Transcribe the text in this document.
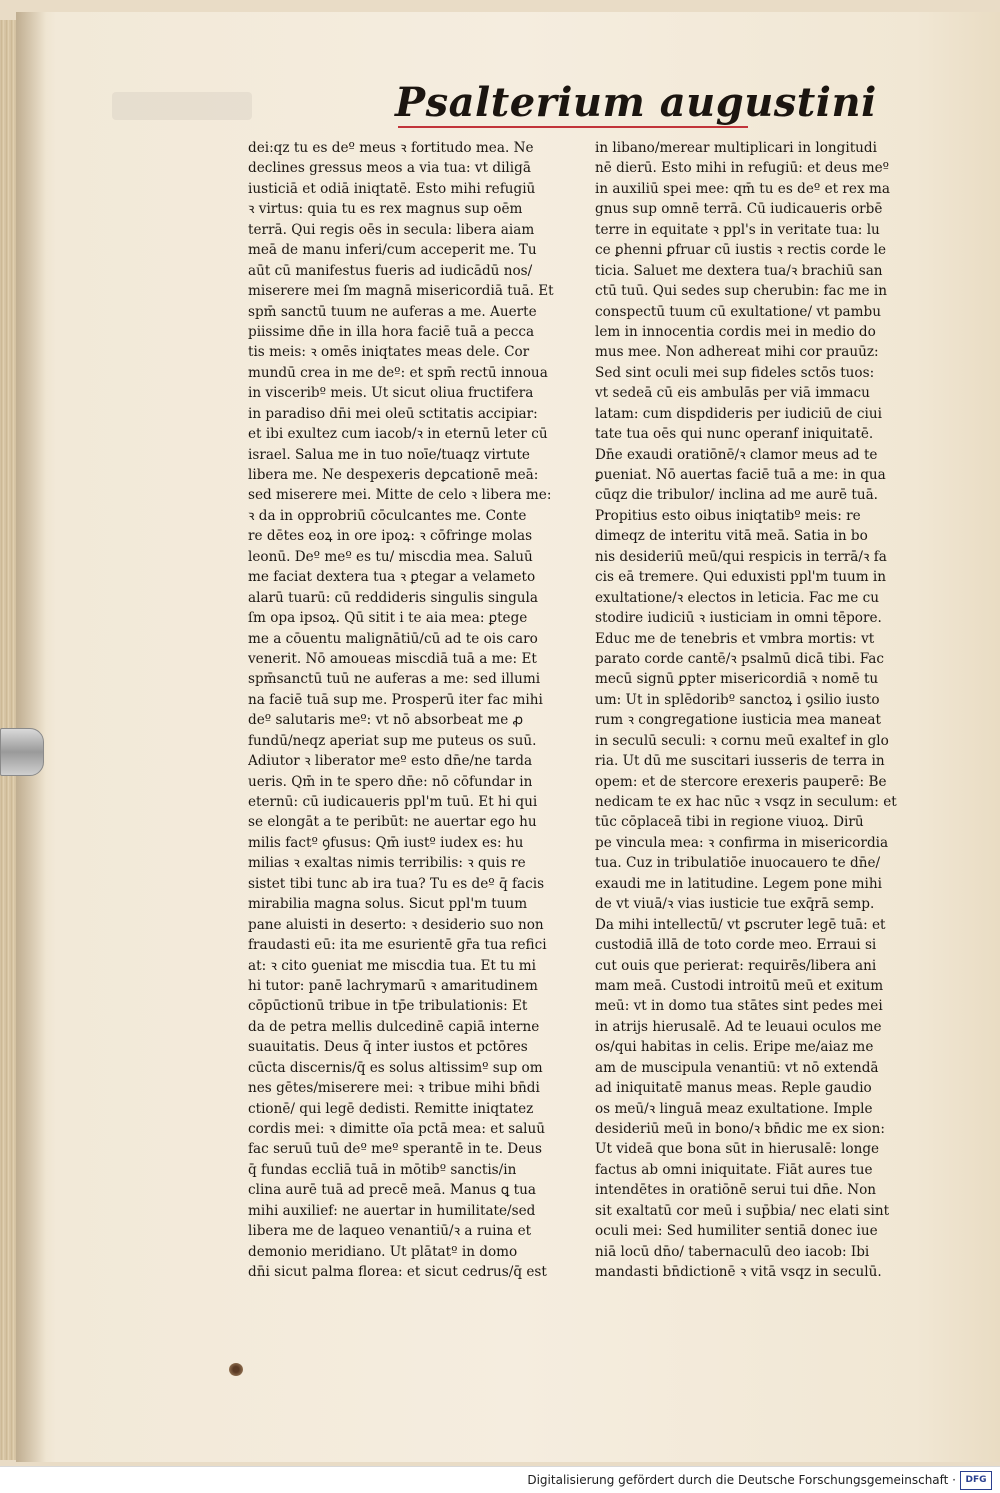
Psalterium augustini
dei:qz tu es deº meus ꝛ fortitudo mea. Ne
declines gressus meos a via tua: vt diligā
iusticiā et odiā iniqtatē. Esto mihi refugiū
ꝛ virtus: quia tu es rex magnus sup oēm
terrā. Qui regis oēs in secula: libera aiam
meā de manu inferi/cum acceperit me. Tu
aūt cū manifestus fueris ad iudicādū nos/
miserere mei ſm magnā misericordiā tuā. Et
spm̄ sanctū tuum ne auferas a me. Auerte
piissime dn̄e in illa hora faciē tuā a pecca
tis meis: ꝛ omēs iniqtates meas dele. Cor
mundū crea in me deº: et spm̄ rectū innoua
in visceribº meis. Ut sicut oliua fructifera
in paradiso dn̄i mei oleū sctitatis accipiar:
et ibi exultez cum iacob/ꝛ in eternū leter cū
israel. Salua me in tuo noīe/tuaqz virtute
libera me. Ne despexeris deꝑcationē meā:
sed miserere mei. Mitte de celo ꝛ libera me:
ꝛ da in opprobriū cōculcantes me. Conte
re dētes eoꝝ in ore ipoꝝ: ꝛ cōfringe molas
leonū. Deº meº es tu/ miscdia mea. Saluū
me faciat dextera tua ꝛ ꝑtegar a velameto
alarū tuarū: cū reddideris singulis singula
ſm opa ipsoꝝ. Qū sitit i te aia mea: ꝑtege
me a cōuentu malignātiū/cū ad te ois caro
venerit. Nō amoueas miscdiā tuā a me: Et
spm̄sanctū tuū ne auferas a me: sed illumi
na faciē tuā sup me. Prosperū iter fac mihi
deº salutaris meº: vt nō absorbeat me ꝓ
fundū/neqz aperiat sup me puteus os suū.
Adiutor ꝛ liberator meº esto dn̄e/ne tarda
ueris. Qm̄ in te spero dn̄e: nō cōfundar in
eternū: cū iudicaueris ppl'm tuū. Et hi qui
se elongāt a te peribūt: ne auertar ego hu
milis factº ꝯfusus: Qm̄ iustº iudex es: hu
milias ꝛ exaltas nimis terribilis: ꝛ quis re
sistet tibi tunc ab ira tua? Tu es deº q̄ facis
mirabilia magna solus. Sicut ppl'm tuum
pane aluisti in deserto: ꝛ desiderio suo non
fraudasti eū: ita me esurientē gr̄a tua refici
at: ꝛ cito ꝯueniat me miscdia tua. Et tu mi
hi tutor: panē lachrymarū ꝛ amaritudinem
cōpūctionū tribue in tp̄e tribulationis: Et
da de petra mellis dulcedinē capiā interne
suauitatis. Deus q̄ inter iustos et pctōres
cūcta discernis/q̄ es solus altissimº sup om
nes gētes/miserere mei: ꝛ tribue mihi bn̄di
ctionē/ qui legē dedisti. Remitte iniqtatez
cordis mei: ꝛ dimitte oīa pctā mea: et saluū
fac seruū tuū deº meº sperantē in te. Deus
q̄ fundas eccliā tuā in mōtibº sanctis/in
clina aurē tuā ad precē meā. Manus ꝗ tua
mihi auxilief: ne auertar in humilitate/sed
libera me de laqueo venantiū/ꝛ a ruina et
demonio meridiano. Ut plātatº in domo
dn̄i sicut palma florea: et sicut cedrus/q̄ est
in libano/merear multiplicari in longitudi
nē dierū. Esto mihi in refugiū: et deus meº
in auxiliū spei mee: qm̄ tu es deº et rex ma
gnus sup omnē terrā. Cū iudicaueris orbē
terre in equitate ꝛ ppl's in veritate tua: lu
ce ꝑhenni ꝑfruar cū iustis ꝛ rectis corde le
ticia. Saluet me dextera tua/ꝛ brachiū san
ctū tuū. Qui sedes sup cherubin: fac me in
conspectū tuum cū exultatione/ vt pambu
lem in innocentia cordis mei in medio do
mus mee. Non adhereat mihi cor prauūz:
Sed sint oculi mei sup fideles sctōs tuos:
vt sedeā cū eis ambulās per viā immacu
latam: cum dispdideris per iudiciū de ciui
tate tua oēs qui nunc operanf iniquitatē.
Dn̄e exaudi oratiōnē/ꝛ clamor meus ad te
ꝑueniat. Nō auertas faciē tuā a me: in qua
cūqz die tribulor/ inclina ad me aurē tuā.
Propitius esto oibus iniqtatibº meis: re
dimeqz de interitu vitā meā. Satia in bo
nis desideriū meū/qui respicis in terrā/ꝛ fa
cis eā tremere. Qui eduxisti ppl'm tuum in
exultatione/ꝛ electos in leticia. Fac me cu
stodire iudiciū ꝛ iusticiam in omni tēpore.
Educ me de tenebris et vmbra mortis: vt
parato corde cantē/ꝛ psalmū dicā tibi. Fac
mecū signū ꝑpter misericordiā ꝛ nomē tu
um: Ut in splēdoribº sanctoꝝ i ꝯsilio iusto
rum ꝛ congregatione iusticia mea maneat
in seculū seculi: ꝛ cornu meū exaltef in glo
ria. Ut dū me suscitari iusseris de terra in
opem: et de stercore erexeris pauperē: Be
nedicam te ex hac nūc ꝛ vsqz in seculum: et
tūc cōplaceā tibi in regione viuoꝝ. Dirū
pe vincula mea: ꝛ confirma in misericordia
tua. Cuz in tribulatiōe inuocauero te dn̄e/
exaudi me in latitudine. Legem pone mihi
de vt viuā/ꝛ vias iusticie tue exq̄rā semp.
Da mihi intellectū/ vt ꝑscruter legē tuā: et
custodiā illā de toto corde meo. Erraui si
cut ouis que perierat: requirēs/libera ani
mam meā. Custodi introitū meū et exitum
meū: vt in domo tua stātes sint pedes mei
in atrijs hierusalē. Ad te leuaui oculos me
os/qui habitas in celis. Eripe me/aiaz me
am de muscipula venantiū: vt nō extendā
ad iniquitatē manus meas. Reple gaudio
os meū/ꝛ linguā meaz exultatione. Imple
desideriū meū in bono/ꝛ bn̄dic me ex sion:
Ut videā que bona sūt in hierusalē: longe
factus ab omni iniquitate. Fiāt aures tue
intendētes in oratiōnē serui tui dn̄e. Non
sit exaltatū cor meū i sup̄bia/ nec elati sint
oculi mei: Sed humiliter sentiā donec iue
niā locū dn̄o/ tabernaculū deo iacob: Ibi
mandasti bn̄dictionē ꝛ vitā vsqz in seculū.
Digitalisierung gefördert durch die Deutsche Forschungsgemeinschaft ·	DFG
